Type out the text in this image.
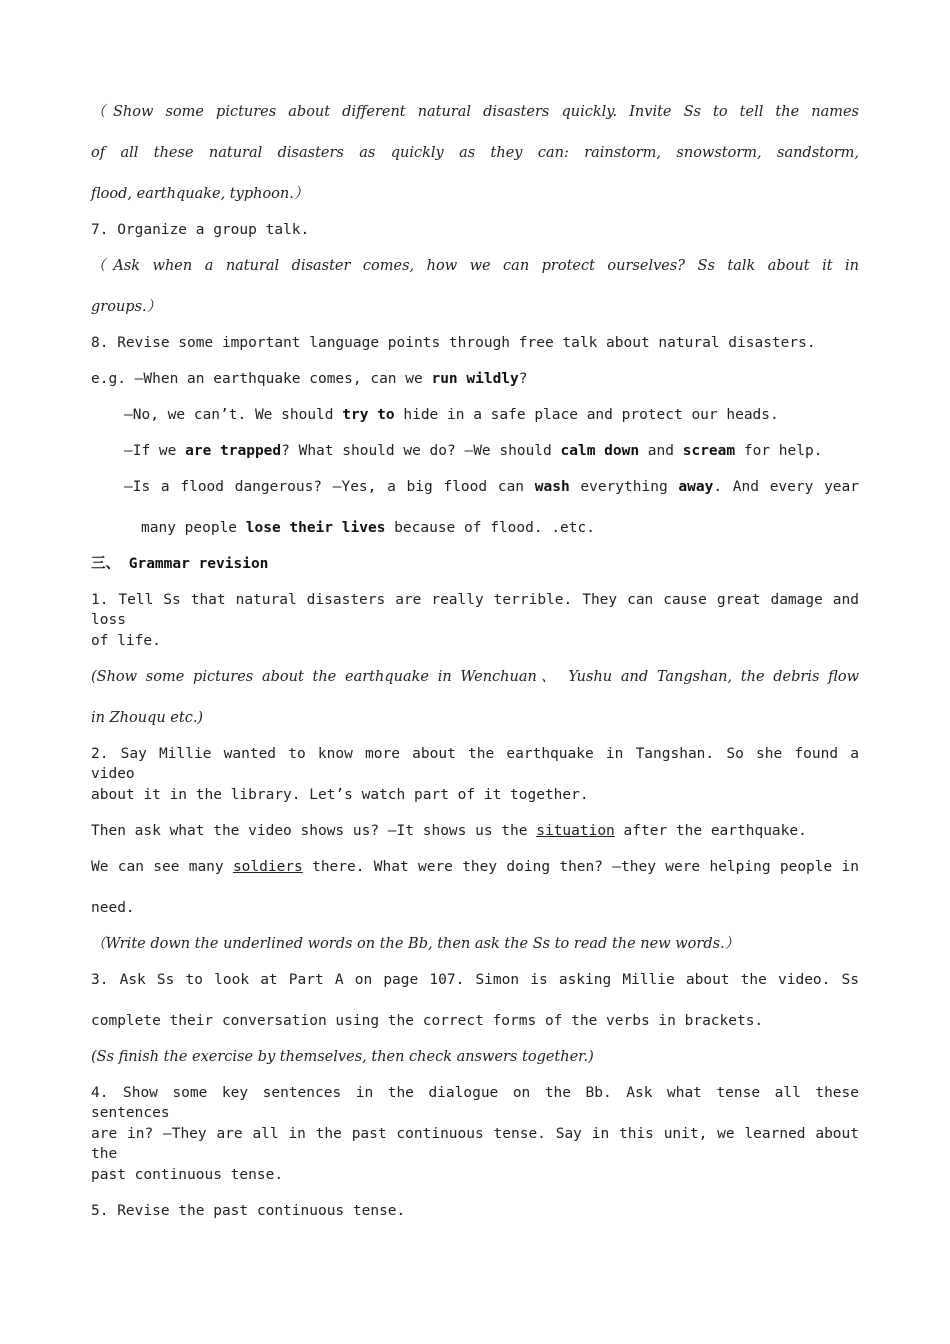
（Show some pictures about different natural disasters quickly. Invite Ss to tell the names
of all these natural disasters as quickly as they can: rainstorm, snowstorm, sandstorm,
flood, earthquake, typhoon.）
7. Organize a group talk.
（Ask when a natural disaster comes, how we can protect ourselves? Ss talk about it in
groups.）
8. Revise some important language points through free talk about natural disasters.
e.g. —When an earthquake comes, can we run wildly?
—No, we can’t. We should try to hide in a safe place and protect our heads.
—If we are trapped? What should we do? —We should calm down and scream for help.
—Is a flood dangerous? —Yes, a big flood can wash everything away. And every year
many people lose their lives because of flood. .etc.
三、 Grammar revision
1. Tell Ss that natural disasters are really terrible. They can cause great damage and loss
of life.
(Show some pictures about the earthquake in Wenchuan、 Yushu and Tangshan, the debris flow
in Zhouqu etc.)
2. Say Millie wanted to know more about the earthquake in Tangshan. So she found a video
about it in the library. Let’s watch part of it together.
Then ask what the video shows us? —It shows us the situation after the earthquake.
We can see many soldiers there. What were they doing then? —they were helping people in
need.
（Write down the underlined words on the Bb, then ask the Ss to read the new words.）
3. Ask Ss to look at Part A on page 107. Simon is asking Millie about the video. Ss
complete their conversation using the correct forms of the verbs in brackets.
(Ss finish the exercise by themselves, then check answers together.)
4. Show some key sentences in the dialogue on the Bb. Ask what tense all these sentences
are in? —They are all in the past continuous tense. Say in this unit, we learned about the
past continuous tense.
5. Revise the past continuous tense.
